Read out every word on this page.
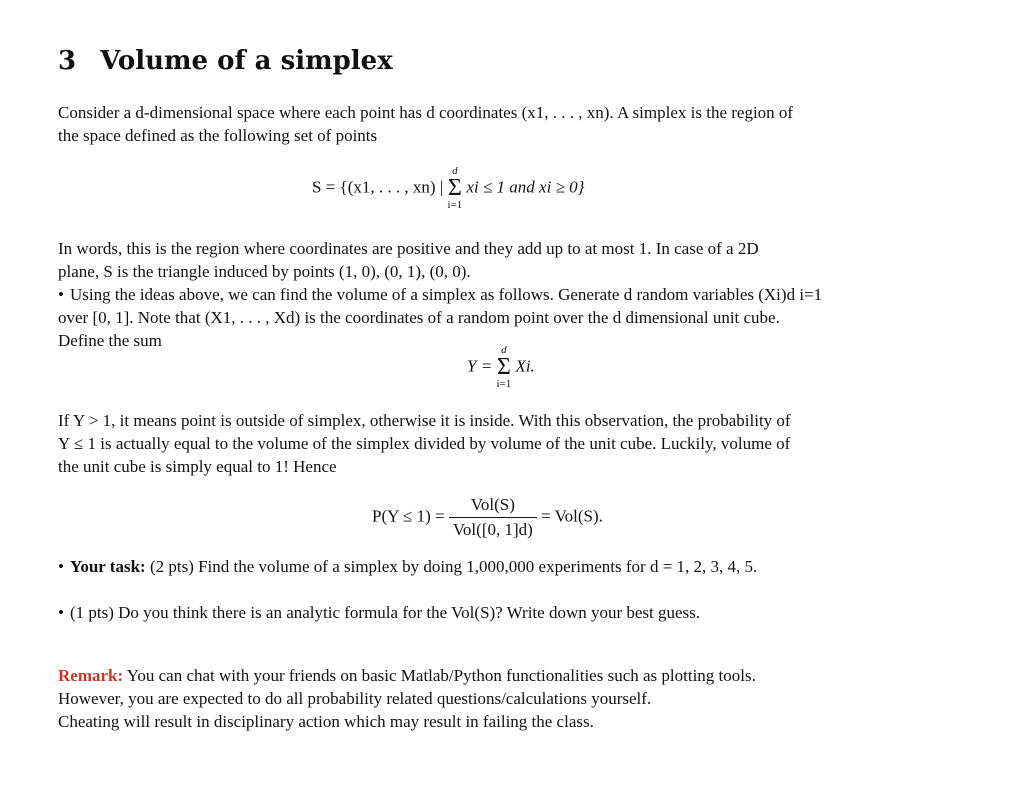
3 Volume of a simplex
Consider a d-dimensional space where each point has d coordinates (x1, . . . , xn). A simplex is the region of
the space defined as the following set of points
S = {(x1, . . . , xn) |
d
Σ
i=1
xi ≤ 1 and xi ≥ 0}
In words, this is the region where coordinates are positive and they add up to at most 1. In case of a 2D
plane, S is the triangle induced by points (1, 0), (0, 1), (0, 0).
• Using the ideas above, we can find the volume of a simplex as follows. Generate d random variables (Xi)d i=1
over [0, 1]. Note that (X1, . . . , Xd) is the coordinates of a random point over the d dimensional unit cube.
Define the sum
Y =
d
Σ
i=1
Xi.
If Y > 1, it means point is outside of simplex, otherwise it is inside. With this observation, the probability of
Y ≤ 1 is actually equal to the volume of the simplex divided by volume of the unit cube. Luckily, volume of
the unit cube is simply equal to 1! Hence
$P(Y \le 1) = \frac{\text{Vol(S)}}{\text{Vol([0, 1]d)}} = Vol(S)$.
• Your task: (2 pts) Find the volume of a simplex by doing 1,000,000 experiments for d = 1, 2, 3, 4, 5.
• (1 pts) Do you think there is an analytic formula for the Vol(S)? Write down your best guess.
Remark: You can chat with your friends on basic Matlab/Python functionalities such as plotting tools.
However, you are expected to do all probability related questions/calculations yourself.
Cheating will result in disciplinary action which may result in failing the class.
